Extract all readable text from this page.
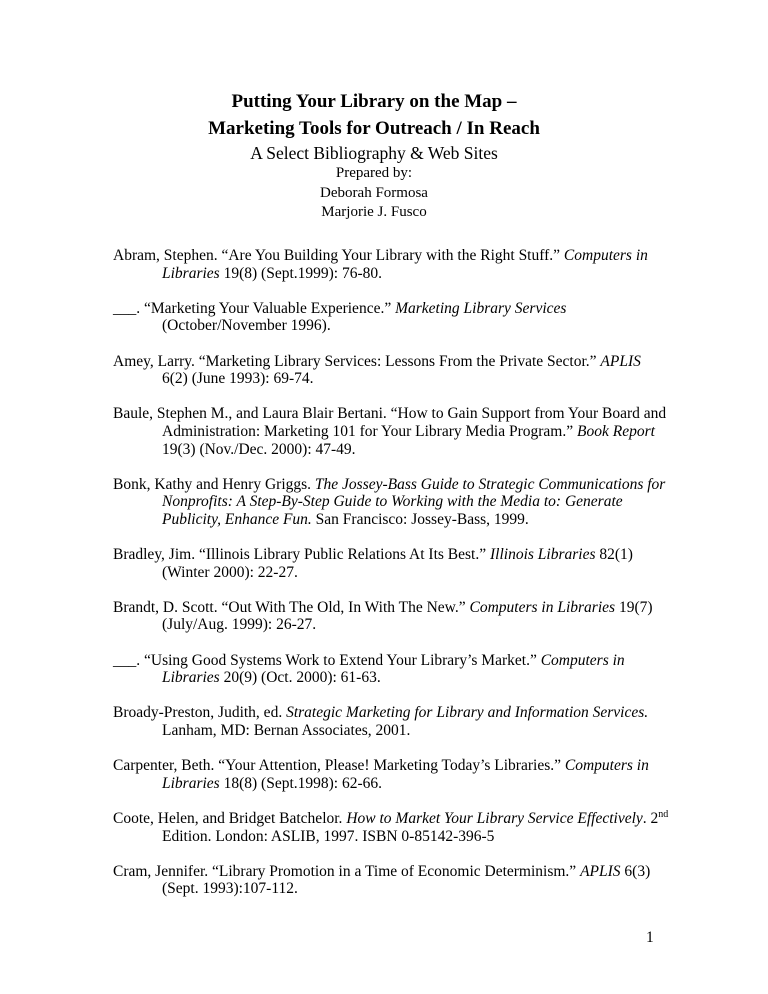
Putting Your Library on the Map –
Marketing Tools for Outreach / In Reach
A Select Bibliography & Web Sites
Prepared by:
Deborah Formosa
Marjorie J. Fusco
Abram, Stephen. “Are You Building Your Library with the Right Stuff.” Computers in
Libraries 19(8) (Sept.1999): 76-80.
___. “Marketing Your Valuable Experience.” Marketing Library Services
(October/November 1996).
Amey, Larry. “Marketing Library Services: Lessons From the Private Sector.” APLIS
6(2) (June 1993): 69-74.
Baule, Stephen M., and Laura Blair Bertani. “How to Gain Support from Your Board and
Administration: Marketing 101 for Your Library Media Program.” Book Report
19(3) (Nov./Dec. 2000): 47-49.
Bonk, Kathy and Henry Griggs. The Jossey-Bass Guide to Strategic Communications for
Nonprofits: A Step-By-Step Guide to Working with the Media to: Generate
Publicity, Enhance Fun. San Francisco: Jossey-Bass, 1999.
Bradley, Jim. “Illinois Library Public Relations At Its Best.” Illinois Libraries 82(1)
(Winter 2000): 22-27.
Brandt, D. Scott. “Out With The Old, In With The New.” Computers in Libraries 19(7)
(July/Aug. 1999): 26-27.
___. “Using Good Systems Work to Extend Your Library’s Market.” Computers in
Libraries 20(9) (Oct. 2000): 61-63.
Broady-Preston, Judith, ed. Strategic Marketing for Library and Information Services.
Lanham, MD: Bernan Associates, 2001.
Carpenter, Beth. “Your Attention, Please! Marketing Today’s Libraries.” Computers in
Libraries 18(8) (Sept.1998): 62-66.
Coote, Helen, and Bridget Batchelor. How to Market Your Library Service Effectively. 2nd
Edition. London: ASLIB, 1997. ISBN 0-85142-396-5
Cram, Jennifer. “Library Promotion in a Time of Economic Determinism.” APLIS 6(3)
(Sept. 1993):107-112.
1
